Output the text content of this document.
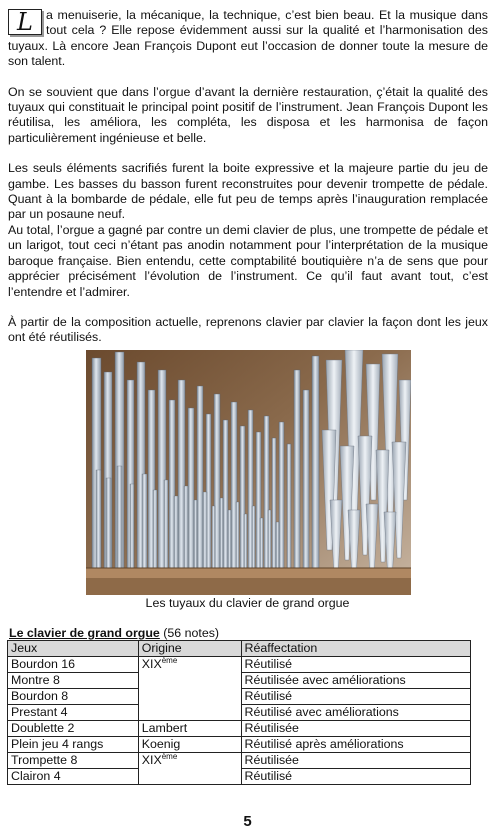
L	a menuiserie, la mécanique, la technique, c’est bien beau. Et la musique dans tout cela ? Elle repose évidemment aussi sur la qualité et l’harmonisation des tuyaux. Là encore Jean François Dupont eut l’occasion de donner toute la mesure de son talent.

On se souvient que dans l’orgue d’avant la dernière restauration, ç’était la qualité des tuyaux qui constituait le principal point positif de l’instrument. Jean François Dupont les réutilisa, les améliora, les compléta, les disposa et les harmonisa de façon particulièrement ingénieuse et belle.

Les seuls éléments sacrifiés furent la boite expressive et la majeure partie du jeu de gambe. Les basses du basson furent reconstruites pour devenir trompette de pédale. Quant à la bombarde de pédale, elle fut peu de temps après l’inauguration remplacée par un posaune neuf.

Au total, l’orgue a gagné par contre un demi clavier de plus, une trompette de pédale et un larigot, tout ceci n’étant pas anodin notamment pour l’interprétation de la musique baroque française. Bien entendu, cette comptabilité boutiquière n’a de sens que pour apprécier précisément l’évolution de l’instrument. Ce qu’il faut avant tout, c’est l’entendre et l’admirer.

À partir de la composition actuelle, reprenons clavier par clavier la façon dont les jeux ont été réutilisés.

Les tuyaux du clavier de grand orgue
Le clavier de grand orgue (56 notes)
Jeux	Origine	Réaffectation
Bourdon 16	XIXème	Réutilisé
Montre 8		Réutilisée avec améliorations
Bourdon 8		Réutilisé
Prestant 4		Réutilisé avec améliorations
Doublette 2	Lambert	Réutilisée
Plein jeu 4 rangs	Koenig	Réutilisé après améliorations
Trompette 8	XIXème	Réutilisée
Clairon 4		Réutilisé
5
